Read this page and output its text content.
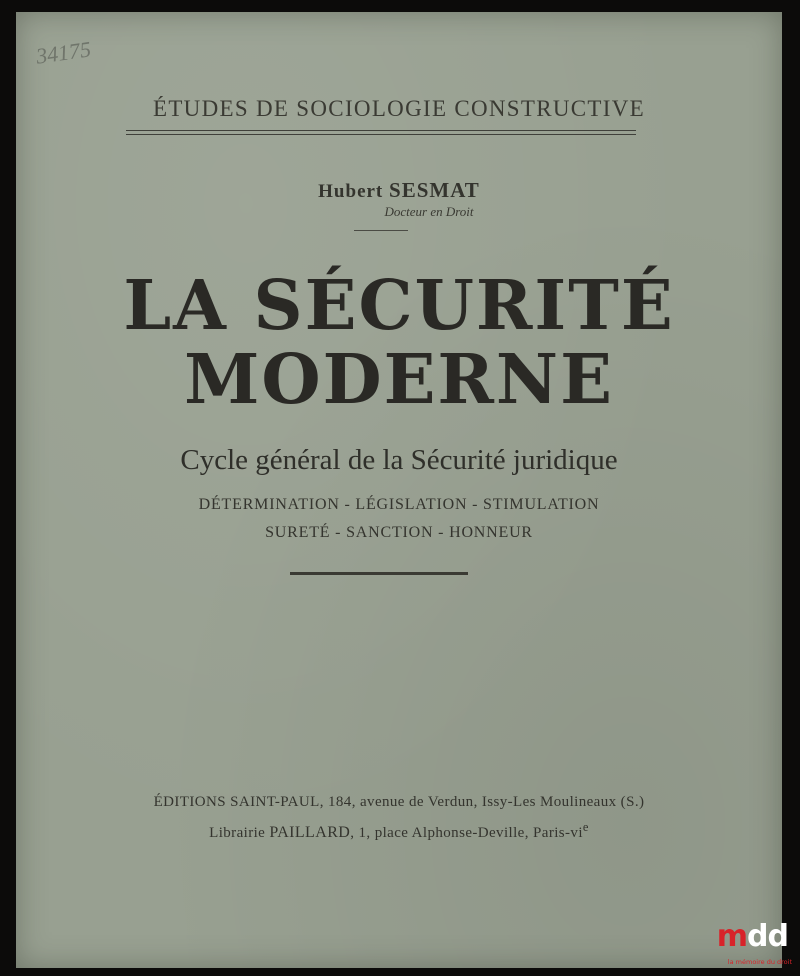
34175
ÉTUDES DE SOCIOLOGIE CONSTRUCTIVE
Hubert SESMAT
Docteur en Droit
LA SÉCURITÉ
MODERNE
Cycle général de la Sécurité juridique
DÉTERMINATION - LÉGISLATION - STIMULATION
SURETÉ - SANCTION - HONNEUR
ÉDITIONS SAINT-PAUL, 184, avenue de Verdun, Issy-Les Moulineaux (S.)
Librairie PAILLARD, 1, place Alphonse-Deville, Paris-$vi^e$
mdd
la mémoire du droit
